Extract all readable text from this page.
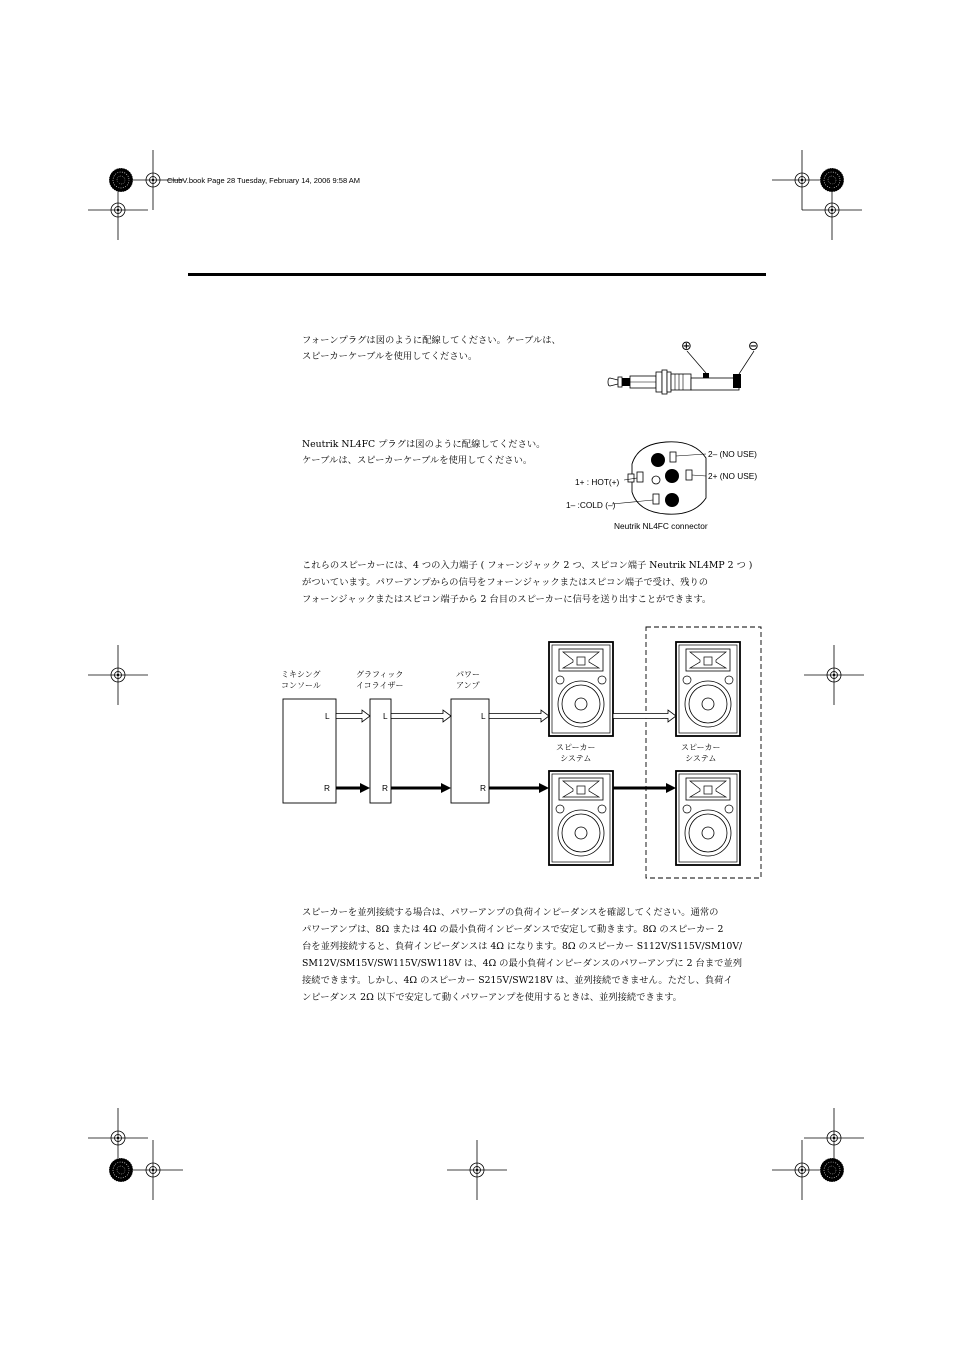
ClubV.book Page 28 Tuesday, February 14, 2006 9:58 AM
フォーンプラグは図のように配線してください。ケーブルは、
スピーカーケーブルを使用してください。
⊕	⊖
Neutrik NL4FC プラグは図のように配線してください。
ケーブルは、スピーカーケーブルを使用してください。
2– (NO USE)
2+ (NO USE)
1+ : HOT(+)
1– :COLD (–)
Neutrik NL4FC connector
これらのスピーカーには、4 つの入力端子 ( フォーンジャック 2 つ、スピコン端子 Neutrik NL4MP 2 つ )
がついています。パワーアンプからの信号をフォーンジャックまたはスピコン端子で受け、残りの
フォーンジャックまたはスピコン端子から 2 台目のスピーカーに信号を送り出すことができます。
ミキシング
コンソール
グラフィック
イコライザー
パワー
アンプ
スピーカー
システム
スピーカー
システム
L
R
L
R
L
R
スピーカーを並列接続する場合は、パワーアンプの負荷インピーダンスを確認してください。通常の
パワーアンプは、8Ω または 4Ω の最小負荷インピーダンスで安定して動きます。8Ω のスピーカー 2
台を並列接続すると、負荷インピーダンスは 4Ω になります。8Ω のスピーカー S112V/S115V/SM10V/
SM12V/SM15V/SW115V/SW118V は、4Ω の最小負荷インピーダンスのパワーアンプに 2 台まで並列
接続できます。しかし、4Ω のスピーカー S215V/SW218V は、並列接続できません。ただし、負荷イ
ンピーダンス 2Ω 以下で安定して動くパワーアンプを使用するときは、並列接続できます。
